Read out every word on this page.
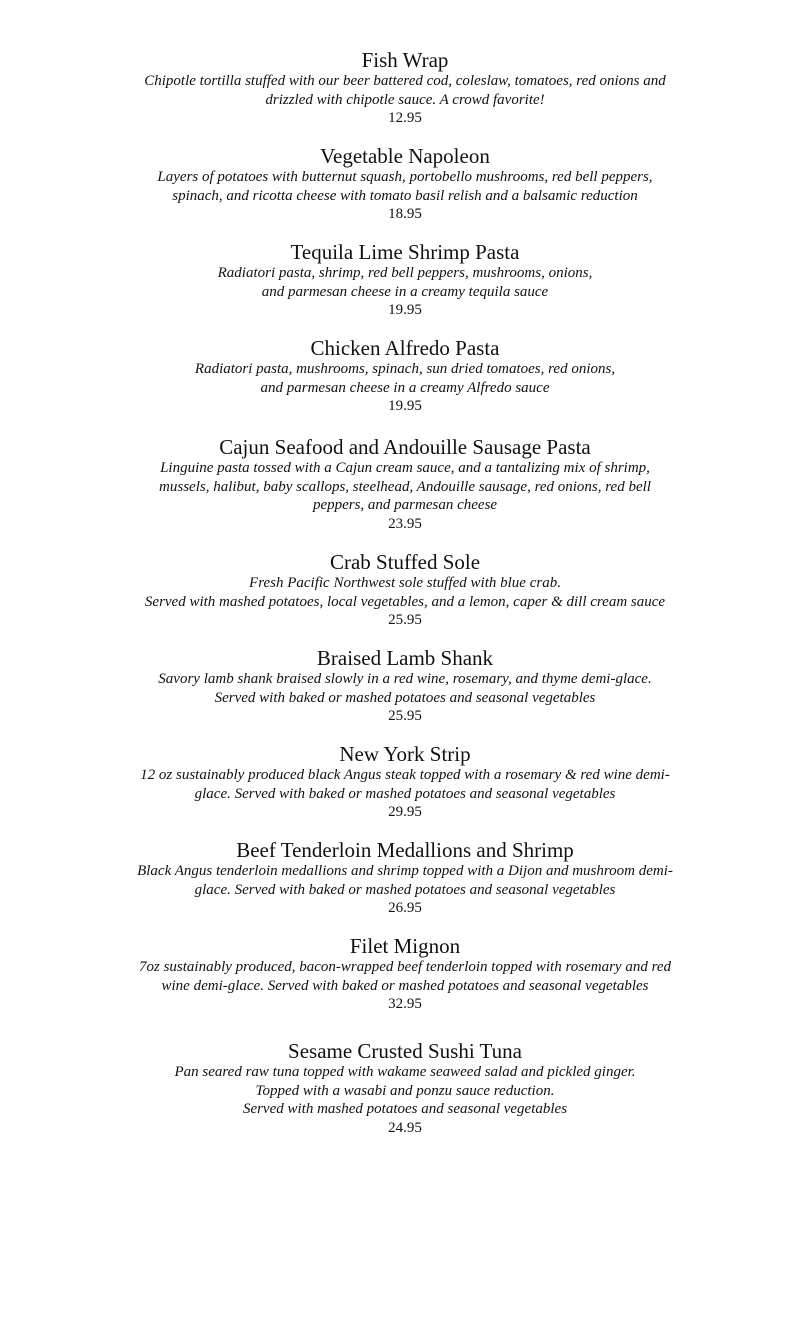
Fish Wrap
Chipotle tortilla stuffed with our beer battered cod, coleslaw, tomatoes, red onions and
drizzled with chipotle sauce. A crowd favorite!
12.95
Vegetable Napoleon
Layers of potatoes with butternut squash, portobello mushrooms, red bell peppers,
spinach, and ricotta cheese with tomato basil relish and a balsamic reduction
18.95
Tequila Lime Shrimp Pasta
Radiatori pasta, shrimp, red bell peppers, mushrooms, onions,
and parmesan cheese in a creamy tequila sauce
19.95
Chicken Alfredo Pasta
Radiatori pasta, mushrooms, spinach, sun dried tomatoes, red onions,
and parmesan cheese in a creamy Alfredo sauce
19.95
Cajun Seafood and Andouille Sausage Pasta
Linguine pasta tossed with a Cajun cream sauce, and a tantalizing mix of shrimp,
mussels, halibut, baby scallops, steelhead, Andouille sausage, red onions, red bell
peppers, and parmesan cheese
23.95
Crab Stuffed Sole
Fresh Pacific Northwest sole stuffed with blue crab.
Served with mashed potatoes, local vegetables, and a lemon, caper & dill cream sauce
25.95
Braised Lamb Shank
Savory lamb shank braised slowly in a red wine, rosemary, and thyme demi-glace.
Served with baked or mashed potatoes and seasonal vegetables
25.95
New York Strip
12 oz sustainably produced black Angus steak topped with a rosemary & red wine demi-
glace. Served with baked or mashed potatoes and seasonal vegetables
29.95
Beef Tenderloin Medallions and Shrimp
Black Angus tenderloin medallions and shrimp topped with a Dijon and mushroom demi-
glace. Served with baked or mashed potatoes and seasonal vegetables
26.95
Filet Mignon
7oz sustainably produced, bacon-wrapped beef tenderloin topped with rosemary and red
wine demi-glace. Served with baked or mashed potatoes and seasonal vegetables
32.95
Sesame Crusted Sushi Tuna
Pan seared raw tuna topped with wakame seaweed salad and pickled ginger.
Topped with a wasabi and ponzu sauce reduction.
Served with mashed potatoes and seasonal vegetables
24.95
